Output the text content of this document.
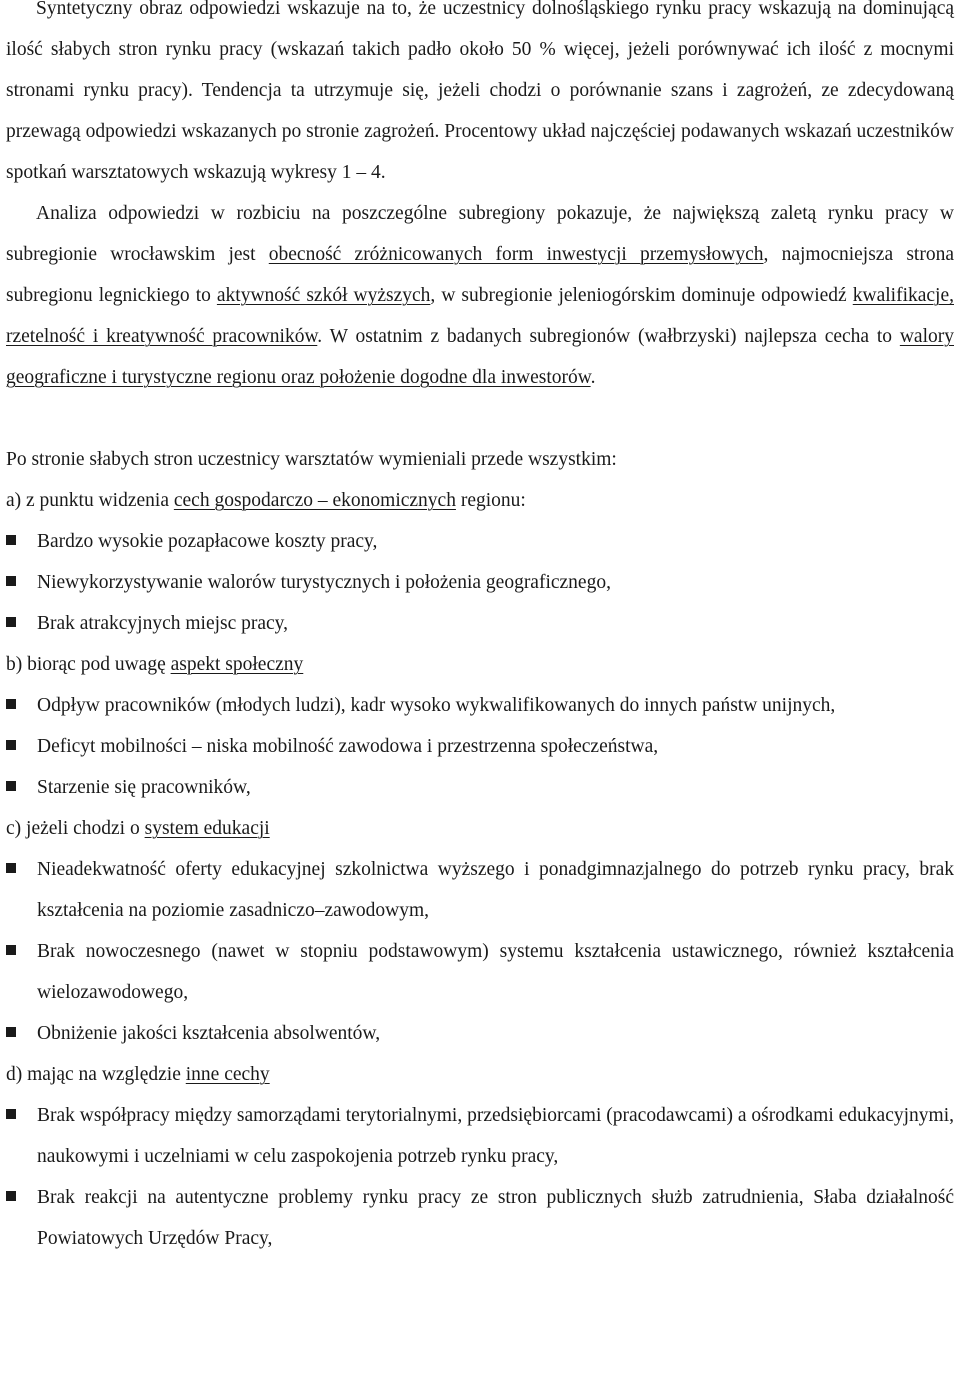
Syntetyczny obraz odpowiedzi wskazuje na to, że uczestnicy dolnośląskiego rynku pracy wskazują na dominującą ilość słabych stron rynku pracy (wskazań takich padło około 50 % więcej, jeżeli porównywać ich ilość z mocnymi stronami rynku pracy). Tendencja ta utrzymuje się, jeżeli chodzi o porównanie szans i zagrożeń, ze zdecydowaną przewagą odpowiedzi wskazanych po stronie zagrożeń. Procentowy układ najczęściej podawanych wskazań uczestników spotkań warsztatowych wskazują wykresy 1 – 4.

Analiza odpowiedzi w rozbiciu na poszczególne subregiony pokazuje, że największą zaletą rynku pracy w subregionie wrocławskim jest obecność zróżnicowanych form inwestycji przemysłowych, najmocniejsza strona subregionu legnickiego to aktywność szkół wyższych, w subregionie jeleniogórskim dominuje odpowiedź kwalifikacje, rzetelność i kreatywność pracowników. W ostatnim z badanych subregionów (wałbrzyski) najlepsza cecha to walory geograficzne i turystyczne regionu oraz położenie dogodne dla inwestorów.

Po stronie słabych stron uczestnicy warsztatów wymieniali przede wszystkim:

a) z punktu widzenia cech gospodarczo – ekonomicznych regionu:

Bardzo wysokie pozapłacowe koszty pracy,
Niewykorzystywanie walorów turystycznych i położenia geograficznego,
Brak atrakcyjnych miejsc pracy,

b) biorąc pod uwagę aspekt społeczny

Odpływ pracowników (młodych ludzi), kadr wysoko wykwalifikowanych do innych państw unijnych,
Deficyt mobilności – niska mobilność zawodowa i przestrzenna społeczeństwa,
Starzenie się pracowników,

c) jeżeli chodzi o system edukacji

Nieadekwatność oferty edukacyjnej szkolnictwa wyższego i ponadgimnazjalnego do potrzeb rynku pracy, brak kształcenia na poziomie zasadniczo–zawodowym,
Brak nowoczesnego (nawet w stopniu podstawowym) systemu kształcenia ustawicznego, również kształcenia wielozawodowego,
Obniżenie jakości kształcenia absolwentów,

d) mając na względzie inne cechy

Brak współpracy między samorządami terytorialnymi, przedsiębiorcami (pracodawcami) a ośrodkami edukacyjnymi, naukowymi i uczelniami w celu zaspokojenia potrzeb rynku pracy,
Brak reakcji na autentyczne problemy rynku pracy ze stron publicznych służb zatrudnienia, Słaba działalność Powiatowych Urzędów Pracy,
